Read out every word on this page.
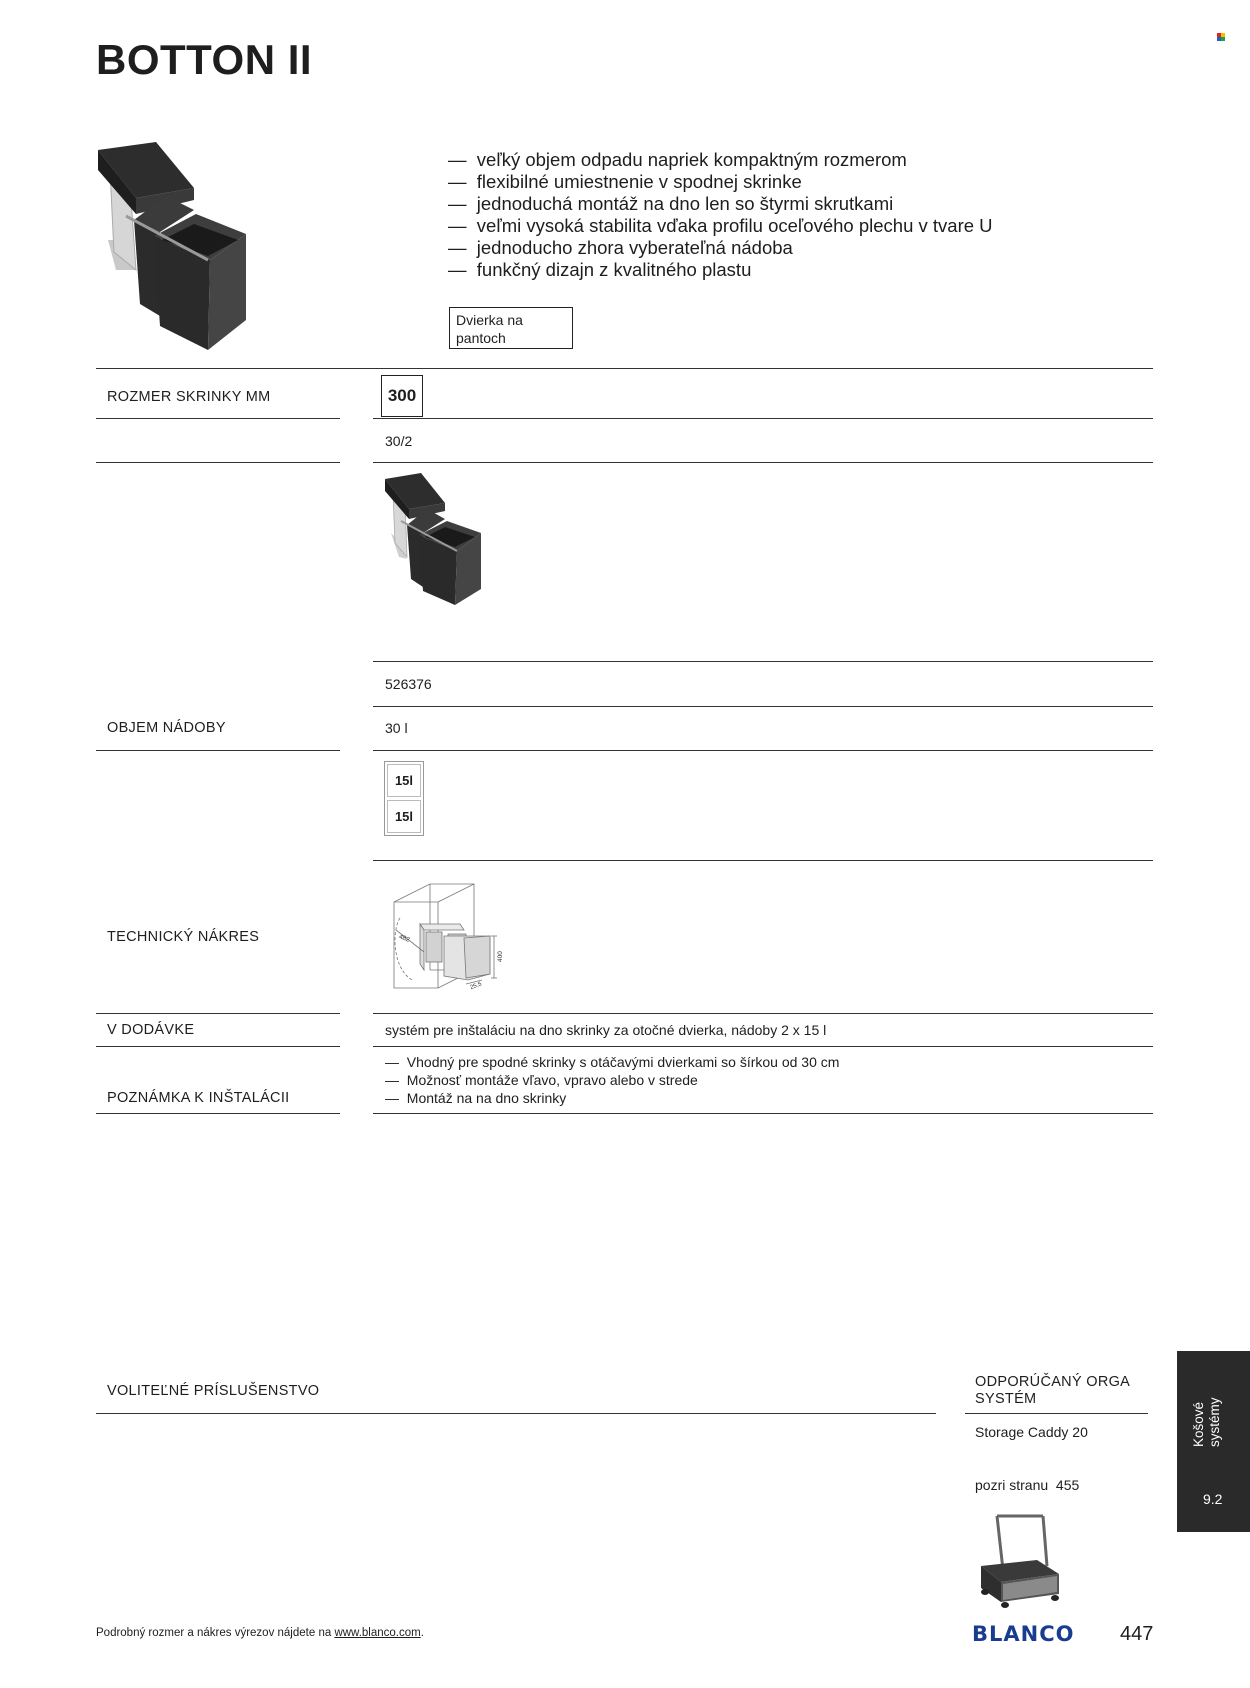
BOTTON II
—  veľký objem odpadu napriek kompaktným rozmerom
—  flexibilné umiestnenie v spodnej skrinke
—  jednoduchá montáž na dno len so štyrmi skrutkami
—  veľmi vysoká stabilita vďaka profilu oceľového plechu v tvare U
—  jednoducho zhora vyberateľná nádoba
—  funkčný dizajn z kvalitného plastu
Dvierka na
pantoch
ROZMER SKRINKY MM	300
30/2
526376
OBJEM NÁDOBY	30 l
15l
15l
TECHNICKÝ NÁKRES	482
400
25,5
V DODÁVKE	systém pre inštaláciu na dno skrinky za otočné dvierka, nádoby 2 x 15 l
POZNÁMKA K INŠTALÁCII
—  Vhodný pre spodné skrinky s otáčavými dvierkami so šírkou od 30 cm
—  Možnosť montáže vľavo, vpravo alebo v strede
—  Montáž na na dno skrinky
VOLITEĽNÉ PRÍSLUŠENSTVO
ODPORÚČANÝ ORGA
SYSTÉM
Storage Caddy 20
pozri stranu  455
Košové systémy
9.2
Podrobný rozmer a nákres výrezov nájdete na www.blanco.com.	BLANCO 447
